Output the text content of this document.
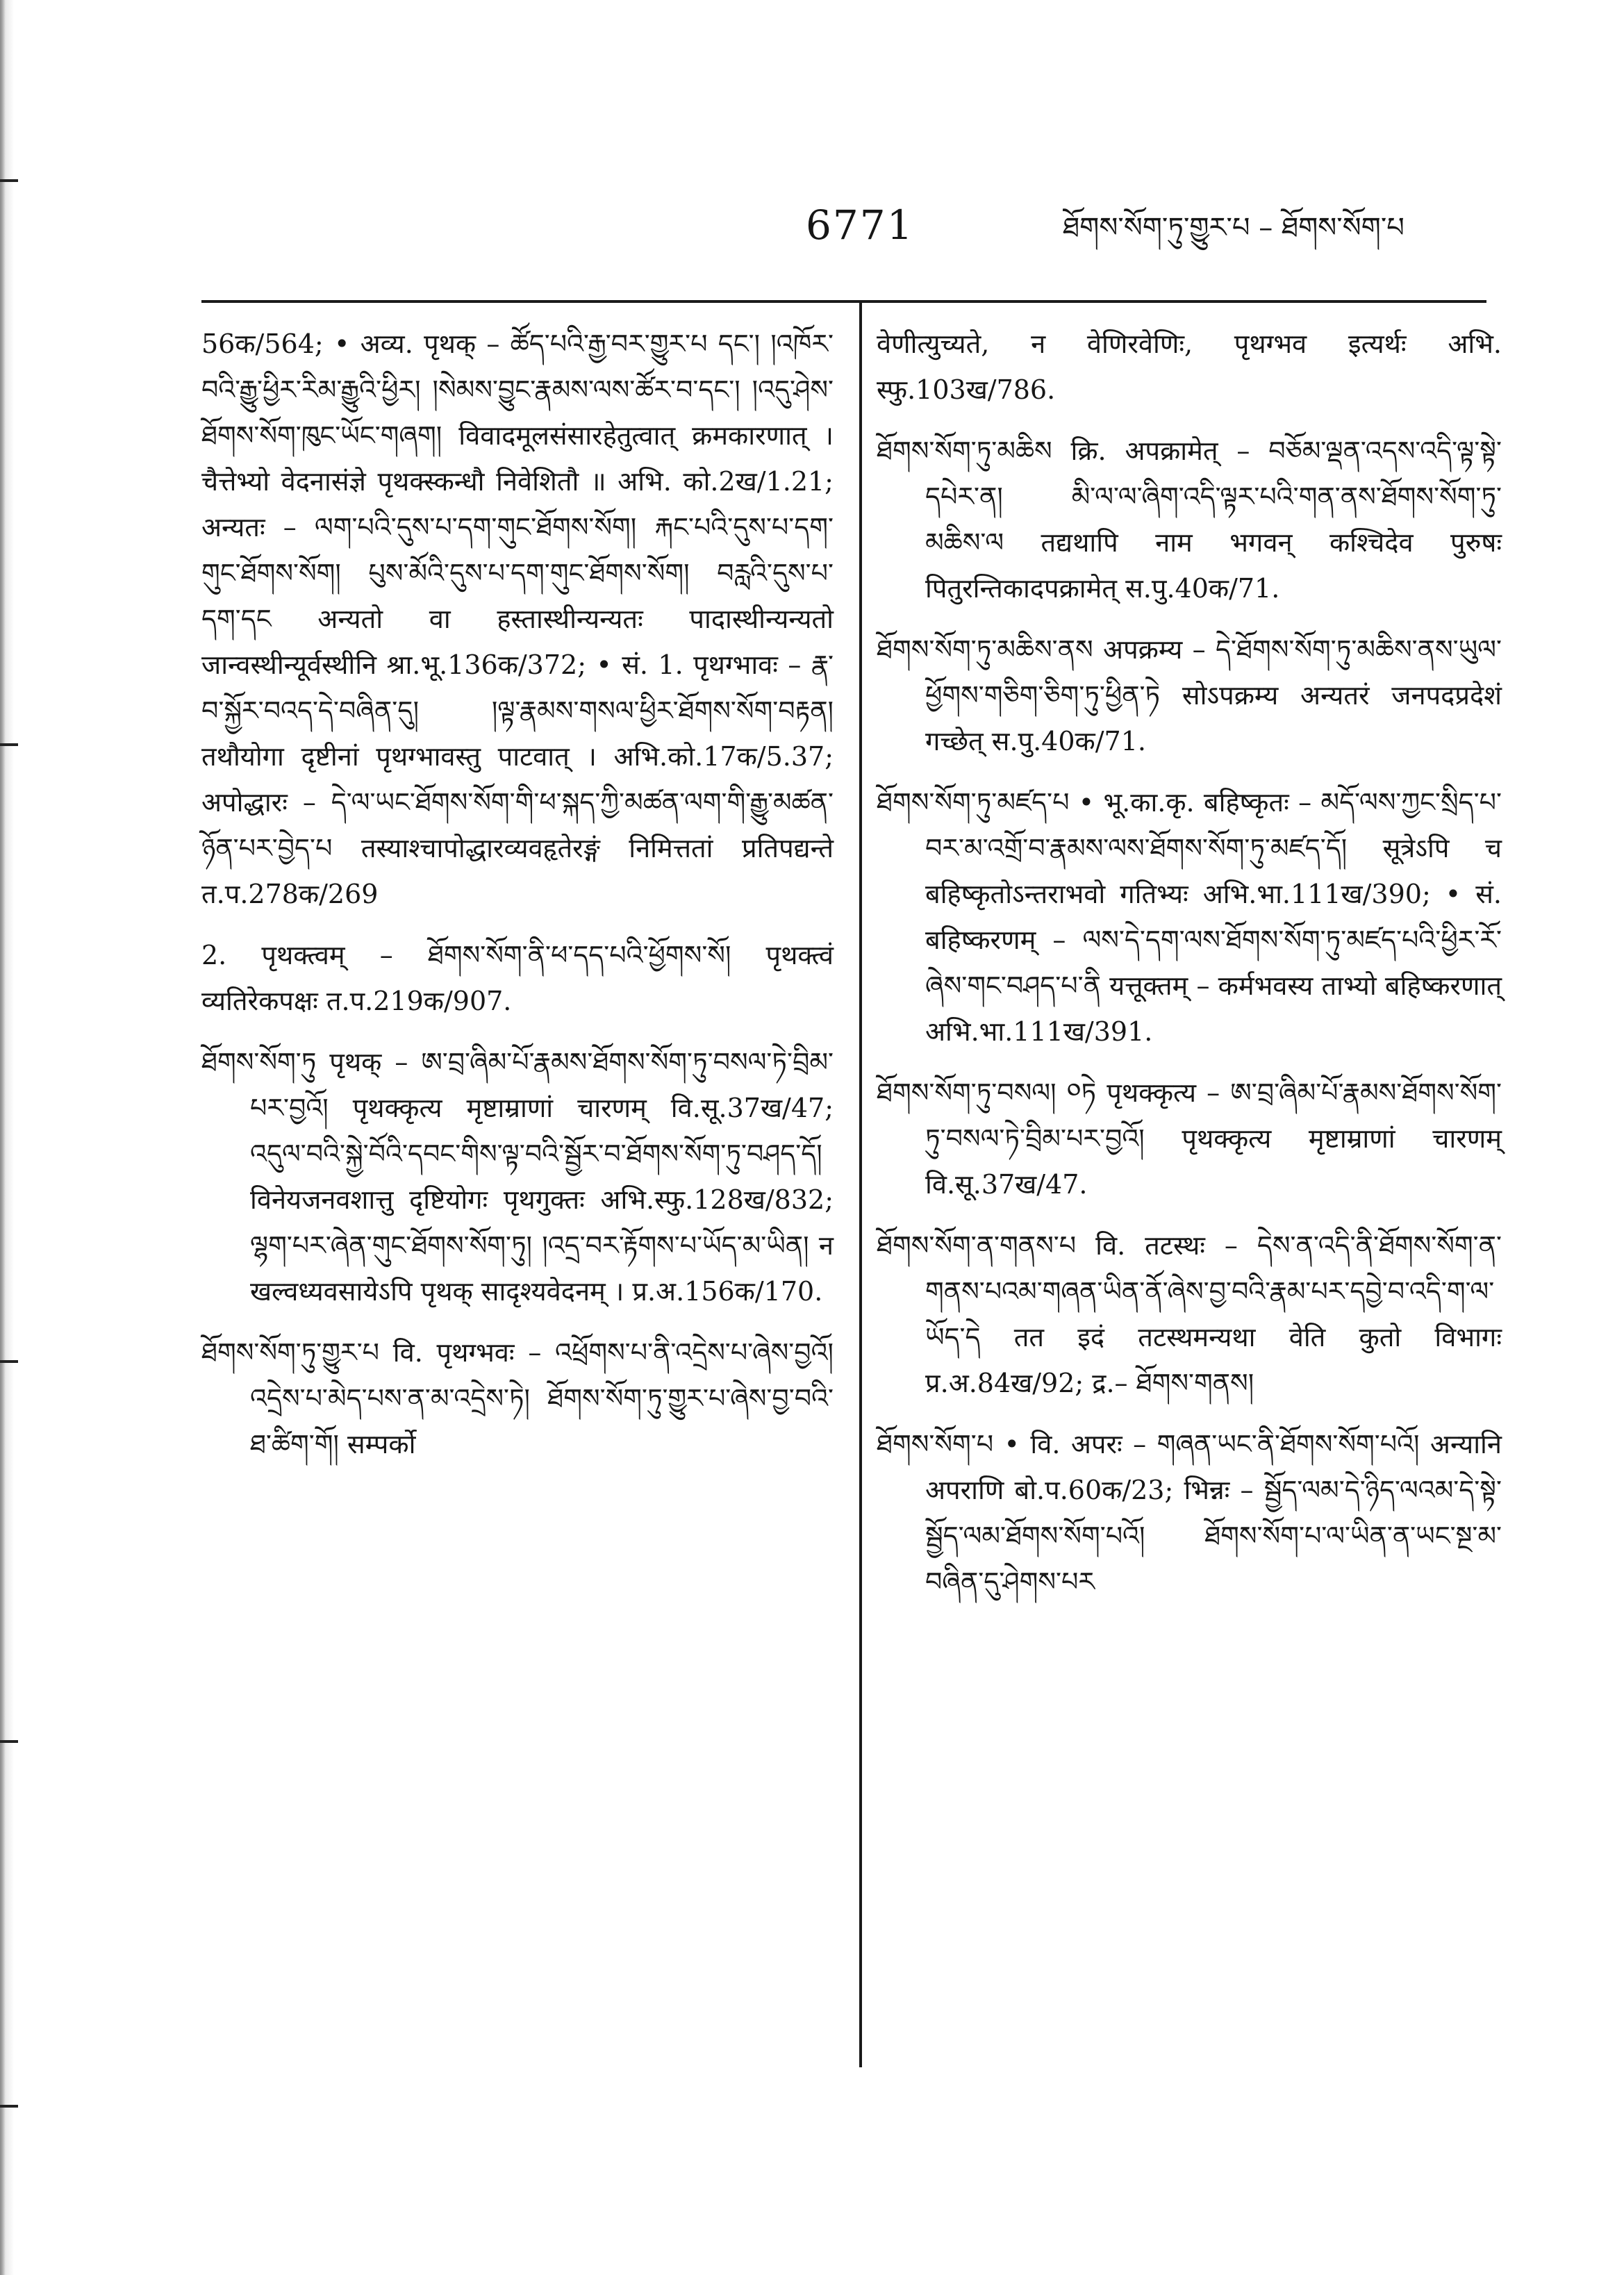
6771	ཐོགས་སོག་ཏུ་གྱུར་པ – ཐོགས་སོག་པ

56क/564; • अव्य. पृथक् – ཚོད་པའི་རྒྱ་བར་གྱུར་པ དང་། །འཁོར་བའི་རྒྱུ་ཕྱིར་རིམ་རྒྱུའི་ཕྱིར། །སེམས་བྱུང་རྣམས་ལས་ཚོར་བ་དང་། །འདུ་ཤེས་ཐོགས་སོག་ཁུང་ཡོང་གཞག། विवादमूलसंसारहेतुत्वात् क्रमकारणात् । चैत्तेभ्यो वेदनासंज्ञे पृथक्स्कन्धौ निवेशितौ ॥ अभि. को.2ख/1.21; अन्यतः – ལག་པའི་དུས་པ་དག་གུང་ཐོགས་སོག། རྐང་པའི་དུས་པ་དག་གུང་ཐོགས་སོག། པུས་མོའི་དུས་པ་དག་གུང་ཐོགས་སོག། བརླའི་དུས་པ་དག་དང अन्यतो वा हस्तास्थीन्यन्यतः पादास्थीन्यन्यतो जान्वस्थीन्यूर्वस्थीनि श्रा.भू.136क/372; • सं. 1. पृथग्भावः – རྣ་བ་སྐྱོར་བའད་དེ་བཞིན་དུ། །ལྟ་རྣམས་གསལ་ཕྱིར་ཐོགས་སོག་བརྟན། तथौयोगा दृष्टीनां पृथग्भावस्तु पाटवात् । अभि.को.17क/5.37; अपोद्धारः – དེ་ལ་ཡང་ཐོགས་སོག་གི་ཕ་སྐད་ཀྱི་མཚན་ལག་གི་རྒྱུ་མཚན་ཉོན་པར་བྱེད་པ तस्याश्चापोद्धारव्यवहृतेरङ्गं निमित्ततां प्रतिपद्यन्ते त.प.278क/269

2. पृथक्त्वम् – ཐོགས་སོག་ནི་ཕ་དད་པའི་ཕྱོགས་སོ། पृथक्त्वं व्यतिरेकपक्षः त.प.219क/907.

ཐོགས་སོག་ཏུ पृथक् – ཨ་བྲ་ཞིམ་པོ་རྣམས་ཐོགས་སོག་ཏུ་བསལ་ཏེ་བྲིམ་པར་བྱའོ། पृथक्कृत्य मृष्टाम्राणां चारणम् वि.सू.37ख/47; འདུལ་བའི་སྐྱེ་བོའི་དབང་གིས་ལྟ་བའི་སྦྱོར་བ་ཐོགས་སོག་ཏུ་བཤད་དོ། विनेयजनवशात्तु दृष्टियोगः पृथगुक्तः अभि.स्फु.128ख/832; ལྷག་པར་ཞེན་གུང་ཐོགས་སོག་ཏུ། །འདྲ་བར་རྟོགས་པ་ཡོད་མ་ཡིན། न खल्वध्यवसायेऽपि पृथक् सादृश्यवेदनम् । प्र.अ.156क/170.

ཐོགས་སོག་ཏུ་གྱུར་པ वि. पृथग्भवः – འཕྲོགས་པ་ནི་འདྲེས་པ་ཞེས་བྱའོ། འདྲེས་པ་མེད་པས་ན་མ་འདྲེས་ཏེ། ཐོགས་སོག་ཏུ་གྱུར་པ་ཞེས་བྱ་བའི་ཐ་ཚིག་གོ། सम्पर्को

वेणीत्युच्यते, न वेणिरवेणिः, पृथग्भव इत्यर्थः अभि. स्फु.103ख/786.

ཐོགས་སོག་ཏུ་མཆིས क्रि. अपक्रामेत् – བཅོམ་ལྡན་འདས་འདི་ལྟ་སྟེ་དཔེར་ན། མི་ལ་ལ་ཞིག་འདི་ལྟར་པའི་གན་ནས་ཐོགས་སོག་ཏུ་མཆིས་ལ तद्यथापि नाम भगवन् कश्चिदेव पुरुषः पितुरन्तिकादपक्रामेत् स.पु.40क/71.

ཐོགས་སོག་ཏུ་མཆིས་ནས अपक्रम्य – དེ་ཐོགས་སོག་ཏུ་མཆིས་ནས་ཡུལ་ཕྱོགས་གཅིག་ཅིག་ཏུ་ཕྱིན་ཏེ सोऽपक्रम्य अन्यतरं जनपदप्रदेशं गच्छेत् स.पु.40क/71.

ཐོགས་སོག་ཏུ་མཛད་པ • भू.का.कृ. बहिष्कृतः – མདོ་ལས་ཀྱང་སྲིད་པ་བར་མ་འགྲོ་བ་རྣམས་ལས་ཐོགས་སོག་ཏུ་མཛད་དོ། सूत्रेऽपि च बहिष्कृतोऽन्तराभवो गतिभ्यः अभि.भा.111ख/390; • सं. बहिष्करणम् – ལས་དེ་དག་ལས་ཐོགས་སོག་ཏུ་མཛད་པའི་ཕྱིར་རོ་ཞེས་གང་བཤད་པ་ནི यत्तूक्तम् – कर्मभवस्य ताभ्यो बहिष्करणात् अभि.भा.111ख/391.

ཐོགས་སོག་ཏུ་བསལ། ༠ཏེ पृथक्कृत्य – ཨ་བྲ་ཞིམ་པོ་རྣམས་ཐོགས་སོག་ཏུ་བསལ་ཏེ་བྲིམ་པར་བྱའོ། पृथक्कृत्य मृष्टाम्राणां चारणम् वि.सू.37ख/47.

ཐོགས་སོག་ན་གནས་པ वि. तटस्थः – དེས་ན་འདི་ནི་ཐོགས་སོག་ན་གནས་པའམ་གཞན་ཡིན་ནོ་ཞེས་བྱ་བའི་རྣམ་པར་དབྱེ་བ་འདི་ག་ལ་ཡོད་དེ तत इदं तटस्थमन्यथा वेति कुतो विभागः प्र.अ.84ख/92; द्र.– ཐོགས་གནས།

ཐོགས་སོག་པ • वि. अपरः – གཞན་ཡང་ནི་ཐོགས་སོག་པའོ། अन्यानि अपराणि बो.प.60क/23; भिन्नः – སྦྱོད་ལམ་དེ་ཉིད་ལའམ་དེ་སྟེ་སྦྱོད་ལམ་ཐོགས་སོག་པའོ། ཐོགས་སོག་པ་ལ་ཡིན་ན་ཡང་སྔ་མ་བཞིན་དུ་ཤེགས་པར
